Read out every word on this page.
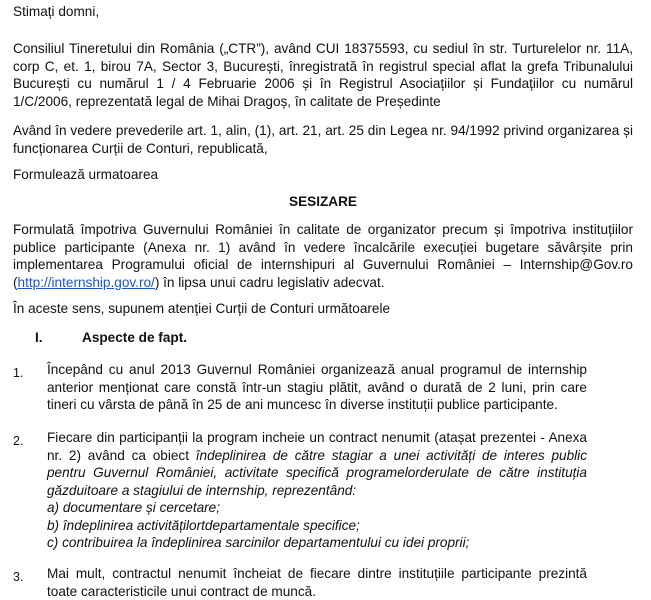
Stimați domni,

Consiliul Tineretului din România („CTR”), având CUI 18375593, cu sediul în str. Turturelelor nr. 11A, corp C, et. 1, birou 7A, Sector 3, București, înregistrată în registrul special aflat la grefa Tribunalului București cu numărul 1 / 4 Februarie 2006 și în Registrul Asociațiilor și Fundațiilor cu numărul 1/C/2006, reprezentată legal de Mihai Dragoș, în calitate de Președinte

Având în vedere prevederile art. 1, alin, (1), art. 21, art. 25 din Legea nr. 94/1992 privind organizarea și funcționarea Curții de Conturi, republicată,

Formulează urmatoarea

SESIZARE

Formulată împotriva Guvernului României în calitate de organizator precum și împotriva instituțiilor publice participante (Anexa nr. 1) având în vedere încalcările execuției bugetare săvârșite prin implementarea Programului oficial de internshipuri al Guvernului României – Internship@Gov.ro (http://internship.gov.ro/) în lipsa unui cadru legislativ adecvat.

În aceste sens, supunem atenției Curții de Conturi următoarele

I.	Aspecte de fapt.
1. Începând cu anul 2013 Guvernul României organizează anual programul de internship anterior menționat care constă într-un stagiu plătit, având o durată de 2 luni, prin care tineri cu vârsta de până în 25 de ani muncesc în diverse instituții publice participante.

2. Fiecare din participanții la program incheie un contract nenumit (atașat prezentei - Anexa nr. 2) având ca obiect îndeplinirea de către stagiar a unei activități de interes public pentru Guvernul României, activitate specifică programelorderulate de către instituția găzduitoare a stagiului de internship, reprezentând:

a) documentare și cercetare;

b) îndeplinirea activitățilortdepartamentale specifice;

c) contribuirea la îndeplinirea sarcinilor departamentului cu idei proprii;

3. Mai mult, contractul nenumit încheiat de fiecare dintre instituțiile participante prezintă toate caracteristicile unui contract de muncă.
